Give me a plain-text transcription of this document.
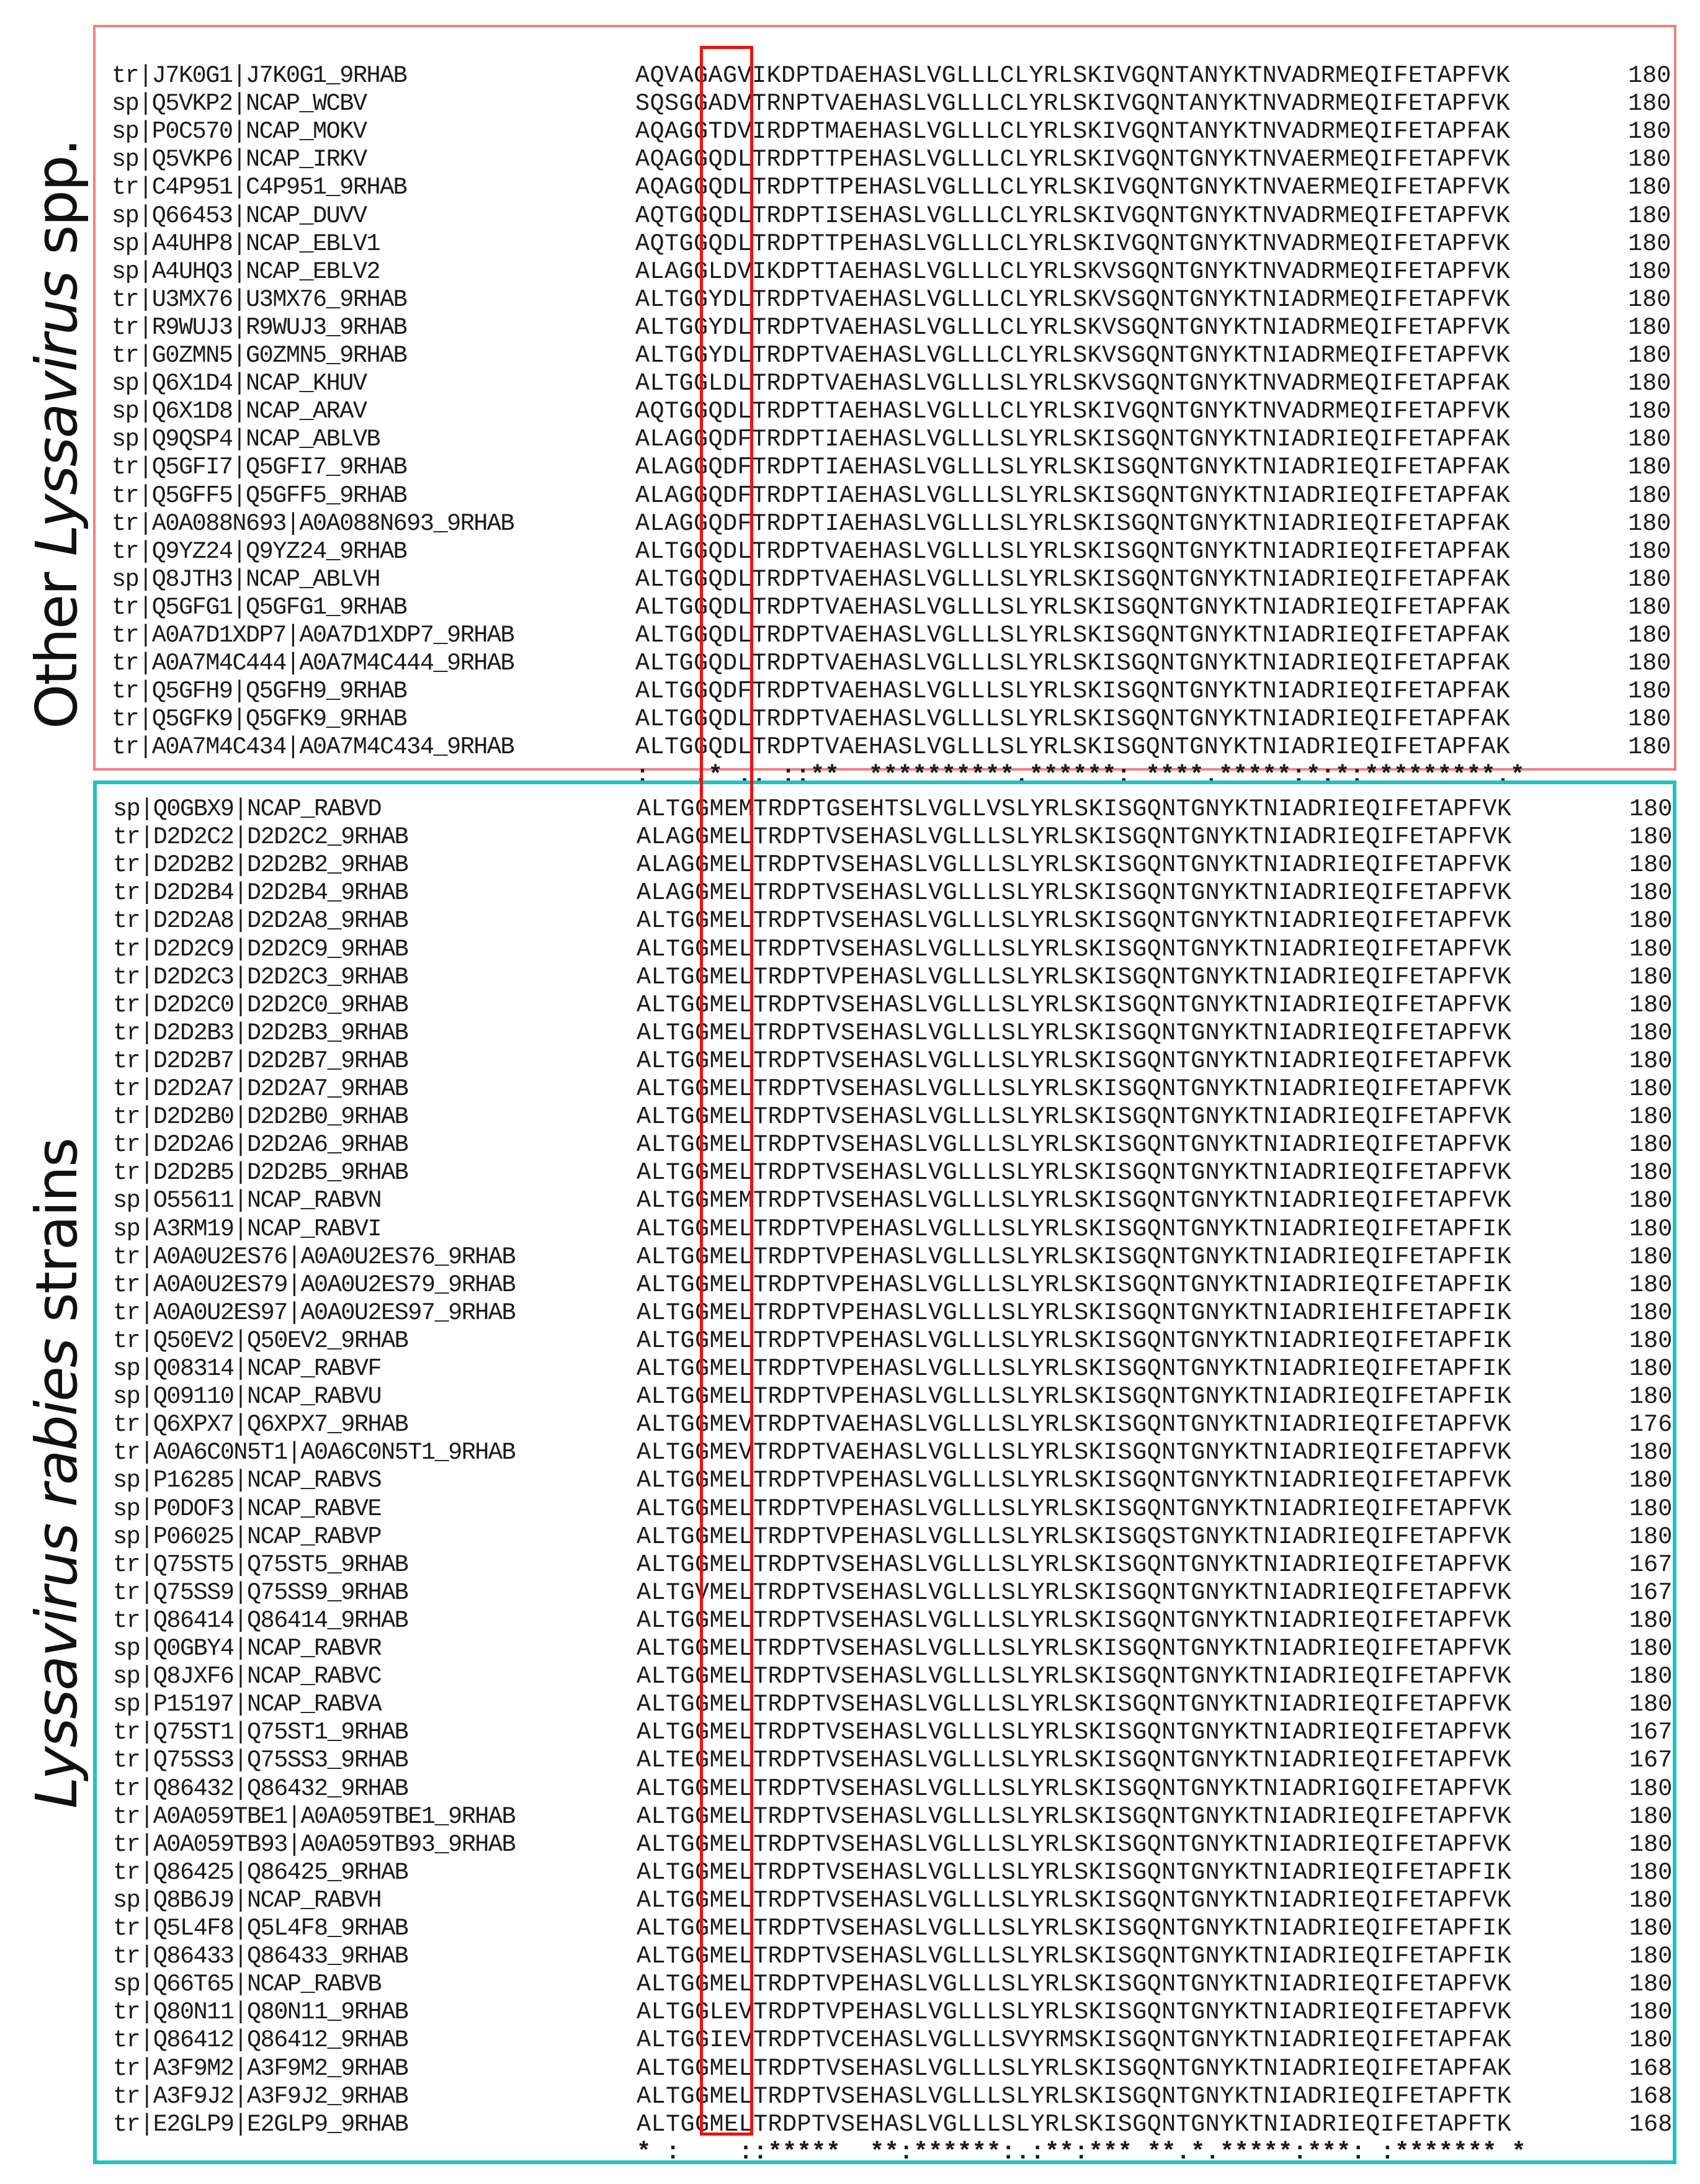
Other Lyssavirus spp.
Lyssavirus rabies strains
tr|J7K0G1|J7K0G1_9RHAB	AQVAGAGVIKDPTDAEHASLVGLLLCLYRLSKIVGQNTANYKTNVADRMEQIFETAPFVK	180
sp|Q5VKP2|NCAP_WCBV	SQSGGADVTRNPTVAEHASLVGLLLCLYRLSKIVGQNTANYKTNVADRMEQIFETAPFVK	180
sp|P0C570|NCAP_MOKV	AQAGGTDVIRDPTMAEHASLVGLLLCLYRLSKIVGQNTANYKTNVADRMEQIFETAPFAK	180
sp|Q5VKP6|NCAP_IRKV	AQAGGQDLTRDPTTPEHASLVGLLLCLYRLSKIVGQNTGNYKTNVAERMEQIFETAPFVK	180
tr|C4P951|C4P951_9RHAB	AQAGGQDLTRDPTTPEHASLVGLLLCLYRLSKIVGQNTGNYKTNVAERMEQIFETAPFVK	180
sp|Q66453|NCAP_DUVV	AQTGGQDLTRDPTISEHASLVGLLLCLYRLSKIVGQNTGNYKTNVADRMEQIFETAPFVK	180
sp|A4UHP8|NCAP_EBLV1	AQTGGQDLTRDPTTPEHASLVGLLLCLYRLSKIVGQNTGNYKTNVADRMEQIFETAPFVK	180
sp|A4UHQ3|NCAP_EBLV2	ALAGGLDVIKDPTTAEHASLVGLLLCLYRLSKVSGQNTGNYKTNVADRMEQIFETAPFVK	180
tr|U3MX76|U3MX76_9RHAB	ALTGGYDLTRDPTVAEHASLVGLLLCLYRLSKVSGQNTGNYKTNIADRMEQIFETAPFVK	180
tr|R9WUJ3|R9WUJ3_9RHAB	ALTGGYDLTRDPTVAEHASLVGLLLCLYRLSKVSGQNTGNYKTNIADRMEQIFETAPFVK	180
tr|G0ZMN5|G0ZMN5_9RHAB	ALTGGYDLTRDPTVAEHASLVGLLLCLYRLSKVSGQNTGNYKTNIADRMEQIFETAPFVK	180
sp|Q6X1D4|NCAP_KHUV	ALTGGLDLTRDPTVAEHASLVGLLLSLYRLSKVSGQNTGNYKTNVADRMEQIFETAPFAK	180
sp|Q6X1D8|NCAP_ARAV	AQTGGQDLTRDPTTAEHASLVGLLLCLYRLSKIVGQNTGNYKTNVADRMEQIFETAPFVK	180
sp|Q9QSP4|NCAP_ABLVB	ALAGGQDFTRDPTIAEHASLVGLLLSLYRLSKISGQNTGNYKTNIADRIEQIFETAPFAK	180
tr|Q5GFI7|Q5GFI7_9RHAB	ALAGGQDFTRDPTIAEHASLVGLLLSLYRLSKISGQNTGNYKTNIADRIEQIFETAPFAK	180
tr|Q5GFF5|Q5GFF5_9RHAB	ALAGGQDFTRDPTIAEHASLVGLLLSLYRLSKISGQNTGNYKTNIADRIEQIFETAPFAK	180
tr|A0A088N693|A0A088N693_9RHAB	ALAGGQDFTRDPTIAEHASLVGLLLSLYRLSKISGQNTGNYKTNIADRIEQIFETAPFAK	180
tr|Q9YZ24|Q9YZ24_9RHAB	ALTGGQDLTRDPTVAEHASLVGLLLSLYRLSKISGQNTGNYKTNIADRIEQIFETAPFAK	180
sp|Q8JTH3|NCAP_ABLVH	ALTGGQDLTRDPTVAEHASLVGLLLSLYRLSKISGQNTGNYKTNIADRIEQIFETAPFAK	180
tr|Q5GFG1|Q5GFG1_9RHAB	ALTGGQDLTRDPTVAEHASLVGLLLSLYRLSKISGQNTGNYKTNIADRIEQIFETAPFAK	180
tr|A0A7D1XDP7|A0A7D1XDP7_9RHAB	ALTGGQDLTRDPTVAEHASLVGLLLSLYRLSKISGQNTGNYKTNIADRIEQIFETAPFAK	180
tr|A0A7M4C444|A0A7M4C444_9RHAB	ALTGGQDLTRDPTVAEHASLVGLLLSLYRLSKISGQNTGNYKTNIADRIEQIFETAPFAK	180
tr|Q5GFH9|Q5GFH9_9RHAB	ALTGGQDFTRDPTVAEHASLVGLLLSLYRLSKISGQNTGNYKTNIADRIEQIFETAPFAK	180
tr|Q5GFK9|Q5GFK9_9RHAB	ALTGGQDLTRDPTVAEHASLVGLLLSLYRLSKISGQNTGNYKTNIADRIEQIFETAPFAK	180
tr|A0A7M4C434|A0A7M4C434_9RHAB	ALTGGQDLTRDPTVAEHASLVGLLLSLYRLSKISGQNTGNYKTNIADRIEQIFETAPFAK	180
:   .* .. ::**  **********.******: ****.*****:*:*:*********.*
sp|Q0GBX9|NCAP_RABVD	ALTGGMEMTRDPTGSEHTSLVGLLVSLYRLSKISGQNTGNYKTNIADRIEQIFETAPFVK	180
tr|D2D2C2|D2D2C2_9RHAB	ALAGGMELTRDPTVSEHASLVGLLLSLYRLSKISGQNTGNYKTNIADRIEQIFETAPFVK	180
tr|D2D2B2|D2D2B2_9RHAB	ALAGGMELTRDPTVSEHASLVGLLLSLYRLSKISGQNTGNYKTNIADRIEQIFETAPFVK	180
tr|D2D2B4|D2D2B4_9RHAB	ALAGGMELTRDPTVSEHASLVGLLLSLYRLSKISGQNTGNYKTNIADRIEQIFETAPFVK	180
tr|D2D2A8|D2D2A8_9RHAB	ALTGGMELTRDPTVSEHASLVGLLLSLYRLSKISGQNTGNYKTNIADRIEQIFETAPFVK	180
tr|D2D2C9|D2D2C9_9RHAB	ALTGGMELTRDPTVSEHASLVGLLLSLYRLSKISGQNTGNYKTNIADRIEQIFETAPFVK	180
tr|D2D2C3|D2D2C3_9RHAB	ALTGGMELTRDPTVPEHASLVGLLLSLYRLSKISGQNTGNYKTNIADRIEQIFETAPFVK	180
tr|D2D2C0|D2D2C0_9RHAB	ALTGGMELTRDPTVSEHASLVGLLLSLYRLSKISGQNTGNYKTNIADRIEQIFETAPFVK	180
tr|D2D2B3|D2D2B3_9RHAB	ALTGGMELTRDPTVSEHASLVGLLLSLYRLSKISGQNTGNYKTNIADRIEQIFETAPFVK	180
tr|D2D2B7|D2D2B7_9RHAB	ALTGGMELTRDPTVSEHASLVGLLLSLYRLSKISGQNTGNYKTNIADRIEQIFETAPFVK	180
tr|D2D2A7|D2D2A7_9RHAB	ALTGGMELTRDPTVSEHASLVGLLLSLYRLSKISGQNTGNYKTNIADRIEQIFETAPFVK	180
tr|D2D2B0|D2D2B0_9RHAB	ALTGGMELTRDPTVSEHASLVGLLLSLYRLSKISGQNTGNYKTNIADRIEQIFETAPFVK	180
tr|D2D2A6|D2D2A6_9RHAB	ALTGGMELTRDPTVSEHASLVGLLLSLYRLSKISGQNTGNYKTNIADRIEQIFETAPFVK	180
tr|D2D2B5|D2D2B5_9RHAB	ALTGGMELTRDPTVSEHASLVGLLLSLYRLSKISGQNTGNYKTNIADRIEQIFETAPFVK	180
sp|O55611|NCAP_RABVN	ALTGGMEMTRDPTVSEHASLVGLLLSLYRLSKISGQNTGNYKTNIADRIEQIFETAPFVK	180
sp|A3RM19|NCAP_RABVI	ALTGGMELTRDPTVPEHASLVGLLLSLYRLSKISGQNTGNYKTNIADRIEQIFETAPFIK	180
tr|A0A0U2ES76|A0A0U2ES76_9RHAB	ALTGGMELTRDPTVPEHASLVGLLLSLYRLSKISGQNTGNYKTNIADRIEQIFETAPFIK	180
tr|A0A0U2ES79|A0A0U2ES79_9RHAB	ALTGGMELTRDPTVPEHASLVGLLLSLYRLSKISGQNTGNYKTNIADRIEQIFETAPFIK	180
tr|A0A0U2ES97|A0A0U2ES97_9RHAB	ALTGGMELTRDPTVPEHASLVGLLLSLYRLSKISGQNTGNYKTNIADRIEHIFETAPFIK	180
tr|Q50EV2|Q50EV2_9RHAB	ALTGGMELTRDPTVPEHASLVGLLLSLYRLSKISGQNTGNYKTNIADRIEQIFETAPFIK	180
sp|Q08314|NCAP_RABVF	ALTGGMELTRDPTVPEHASLVGLLLSLYRLSKISGQNTGNYKTNIADRIEQIFETAPFIK	180
sp|Q09110|NCAP_RABVU	ALTGGMELTRDPTVPEHASLVGLLLSLYRLSKISGQNTGNYKTNIADRIEQIFETAPFIK	180
tr|Q6XPX7|Q6XPX7_9RHAB	ALTGGMEVTRDPTVAEHASLVGLLLSLYRLSKISGQNTGNYKTNIADRIEQIFETAPFVK	176
tr|A0A6C0N5T1|A0A6C0N5T1_9RHAB	ALTGGMEVTRDPTVAEHASLVGLLLSLYRLSKISGQNTGNYKTNIADRIEQIFETAPFVK	180
sp|P16285|NCAP_RABVS	ALTGGMELTRDPTVPEHASLVGLLLSLYRLSKISGQNTGNYKTNIADRIEQIFETAPFVK	180
sp|P0DOF3|NCAP_RABVE	ALTGGMELTRDPTVPEHASLVGLLLSLYRLSKISGQNTGNYKTNIADRIEQIFETAPFVK	180
sp|P06025|NCAP_RABVP	ALTGGMELTRDPTVPEHASLVGLLLSLYRLSKISGQSTGNYKTNIADRIEQIFETAPFVK	180
tr|Q75ST5|Q75ST5_9RHAB	ALTGGMELTRDPTVSEHASLVGLLLSLYRLSKISGQNTGNYKTNIADRIEQIFETAPFVK	167
tr|Q75SS9|Q75SS9_9RHAB	ALTGVMELTRDPTVSEHASLVGLLLSLYRLSKISGQNTGNYKTNIADRIEQIFETAPFVK	167
tr|Q86414|Q86414_9RHAB	ALTGGMELTRDPTVSEHASLVGLLLSLYRLSKISGQNTGNYKTNIADRIEQIFETAPFVK	180
sp|Q0GBY4|NCAP_RABVR	ALTGGMELTRDPTVSEHASLVGLLLSLYRLSKISGQNTGNYKTNIADRIEQIFETAPFVK	180
sp|Q8JXF6|NCAP_RABVC	ALTGGMELTRDPTVSEHASLVGLLLSLYRLSKISGQNTGNYKTNIADRIEQIFETAPFVK	180
sp|P15197|NCAP_RABVA	ALTGGMELTRDPTVSEHASLVGLLLSLYRLSKISGQNTGNYKTNIADRIEQIFETAPFVK	180
tr|Q75ST1|Q75ST1_9RHAB	ALTGGMELTRDPTVSEHASLVGLLLSLYRLSKISGQNTGNYKTNIADRIEQIFETAPFVK	167
tr|Q75SS3|Q75SS3_9RHAB	ALTEGMELTRDPTVSEHASLVGLLLSLYRLSKISGQNTGNYKTNIADRIEQIFETAPFVK	167
tr|Q86432|Q86432_9RHAB	ALTGGMELTRDPTVSEHASLVGLLLSLYRLSKISGQNTGNYKTNIADRIGQIFETAPFVK	180
tr|A0A059TBE1|A0A059TBE1_9RHAB	ALTGGMELTRDPTVSEHASLVGLLLSLYRLSKISGQNTGNYKTNIADRIEQIFETAPFVK	180
tr|A0A059TB93|A0A059TB93_9RHAB	ALTGGMELTRDPTVSEHASLVGLLLSLYRLSKISGQNTGNYKTNIADRIEQIFETAPFVK	180
tr|Q86425|Q86425_9RHAB	ALTGGMELTRDPTVSEHASLVGLLLSLYRLSKISGQNTGNYKTNIADRIEQIFETAPFIK	180
sp|Q8B6J9|NCAP_RABVH	ALTGGMELTRDPTVSEHASLVGLLLSLYRLSKISGQNTGNYKTNIADRIEQIFETAPFVK	180
tr|Q5L4F8|Q5L4F8_9RHAB	ALTGGMELTRDPTVSEHASLVGLLLSLYRLSKISGQNTGNYKTNIADRIEQIFETAPFIK	180
tr|Q86433|Q86433_9RHAB	ALTGGMELTRDPTVSEHASLVGLLLSLYRLSKISGQNTGNYKTNIADRIEQIFETAPFIK	180
sp|Q66T65|NCAP_RABVB	ALTGGMELTRDPTVPEHASLVGLLLSLYRLSKISGQNTGNYKTNIADRIEQIFETAPFVK	180
tr|Q80N11|Q80N11_9RHAB	ALTGGLEVTRDPTVPEHASLVGLLLSLYRLSKISGQNTGNYKTNIADRIEQIFETAPFVK	180
tr|Q86412|Q86412_9RHAB	ALTGGIEVTRDPTVCEHASLVGLLLSVYRMSKISGQNTGNYKTNIADRIEQIFETAPFAK	180
tr|A3F9M2|A3F9M2_9RHAB	ALTGGMELTRDPTVSEHASLVGLLLSLYRLSKISGQNTGNYKTNIADRIEQIFETAPFAK	168
tr|A3F9J2|A3F9J2_9RHAB	ALTGGMELTRDPTVSEHASLVGLLLSLYRLSKISGQNTGNYKTNIADRIEQIFETAPFTK	168
tr|E2GLP9|E2GLP9_9RHAB	ALTGGMELTRDPTVSEHASLVGLLLSLYRLSKISGQNTGNYKTNIADRIEQIFETAPFTK	168
* :    ::*****  **:******:.:**:*** **.*.*****:***: :******* *
